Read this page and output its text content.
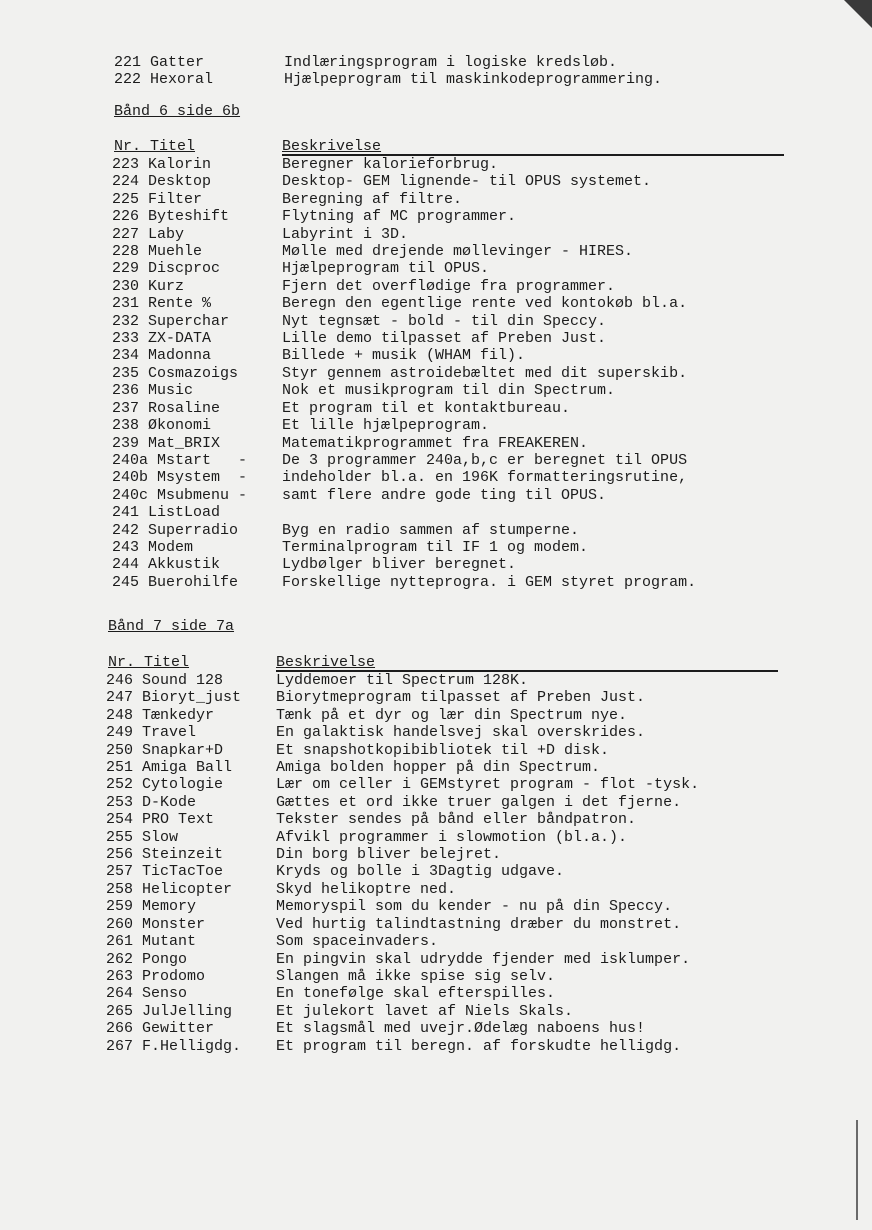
221 Gatter	Indlæringsprogram i logiske kredsløb.
222 Hexoral	Hjælpeprogram til maskinkodeprogrammering.
Bånd 6 side 6b
Nr. Titel	Beskrivelse
223 Kalorin	Beregner kalorieforbrug.
224 Desktop	Desktop- GEM lignende- til OPUS systemet.
225 Filter	Beregning af filtre.
226 Byteshift	Flytning af MC programmer.
227 Laby	Labyrint i 3D.
228 Muehle	Mølle med drejende møllevinger - HIRES.
229 Discproc	Hjælpeprogram til OPUS.
230 Kurz	Fjern det overflødige fra programmer.
231 Rente %	Beregn den egentlige rente ved kontokøb bl.a.
232 Superchar	Nyt tegnsæt - bold - til din Speccy.
233 ZX-DATA	Lille demo tilpasset af Preben Just.
234 Madonna	Billede + musik (WHAM fil).
235 Cosmazoigs	Styr gennem astroidebæltet med dit superskib.
236 Music	Nok et musikprogram til din Spectrum.
237 Rosaline	Et program til et kontaktbureau.
238 Økonomi	Et lille hjælpeprogram.
239 Mat_BRIX	Matematikprogrammet fra FREAKEREN.
240a Mstart   -	De 3 programmer 240a,b,c er beregnet til OPUS
240b Msystem  -	indeholder bl.a. en 196K formatteringsrutine,
240c Msubmenu -	samt flere andre gode ting til OPUS.
241 ListLoad
242 Superradio	Byg en radio sammen af stumperne.
243 Modem	Terminalprogram til IF 1 og modem.
244 Akkustik	Lydbølger bliver beregnet.
245 Buerohilfe	Forskellige nytteprogra. i GEM styret program.
Bånd 7 side 7a
Nr. Titel	Beskrivelse
246 Sound 128	Lyddemoer til Spectrum 128K.
247 Bioryt_just	Biorytmeprogram tilpasset af Preben Just.
248 Tænkedyr	Tænk på et dyr og lær din Spectrum nye.
249 Travel	En galaktisk handelsvej skal overskrides.
250 Snapkar+D	Et snapshotkopibibliotek til +D disk.
251 Amiga Ball	Amiga bolden hopper på din Spectrum.
252 Cytologie	Lær om celler i GEMstyret program - flot -tysk.
253 D-Kode	Gættes et ord ikke truer galgen i det fjerne.
254 PRO Text	Tekster sendes på bånd eller båndpatron.
255 Slow	Afvikl programmer i slowmotion (bl.a.).
256 Steinzeit	Din borg bliver belejret.
257 TicTacToe	Kryds og bolle i 3Dagtig udgave.
258 Helicopter	Skyd helikoptre ned.
259 Memory	Memoryspil som du kender - nu på din Speccy.
260 Monster	Ved hurtig talindtastning dræber du monstret.
261 Mutant	Som spaceinvaders.
262 Pongo	En pingvin skal udrydde fjender med isklumper.
263 Prodomo	Slangen må ikke spise sig selv.
264 Senso	En tonefølge skal efterspilles.
265 JulJelling	Et julekort lavet af Niels Skals.
266 Gewitter	Et slagsmål med uvejr.Ødelæg naboens hus!
267 F.Helligdg.	Et program til beregn. af forskudte helligdg.
